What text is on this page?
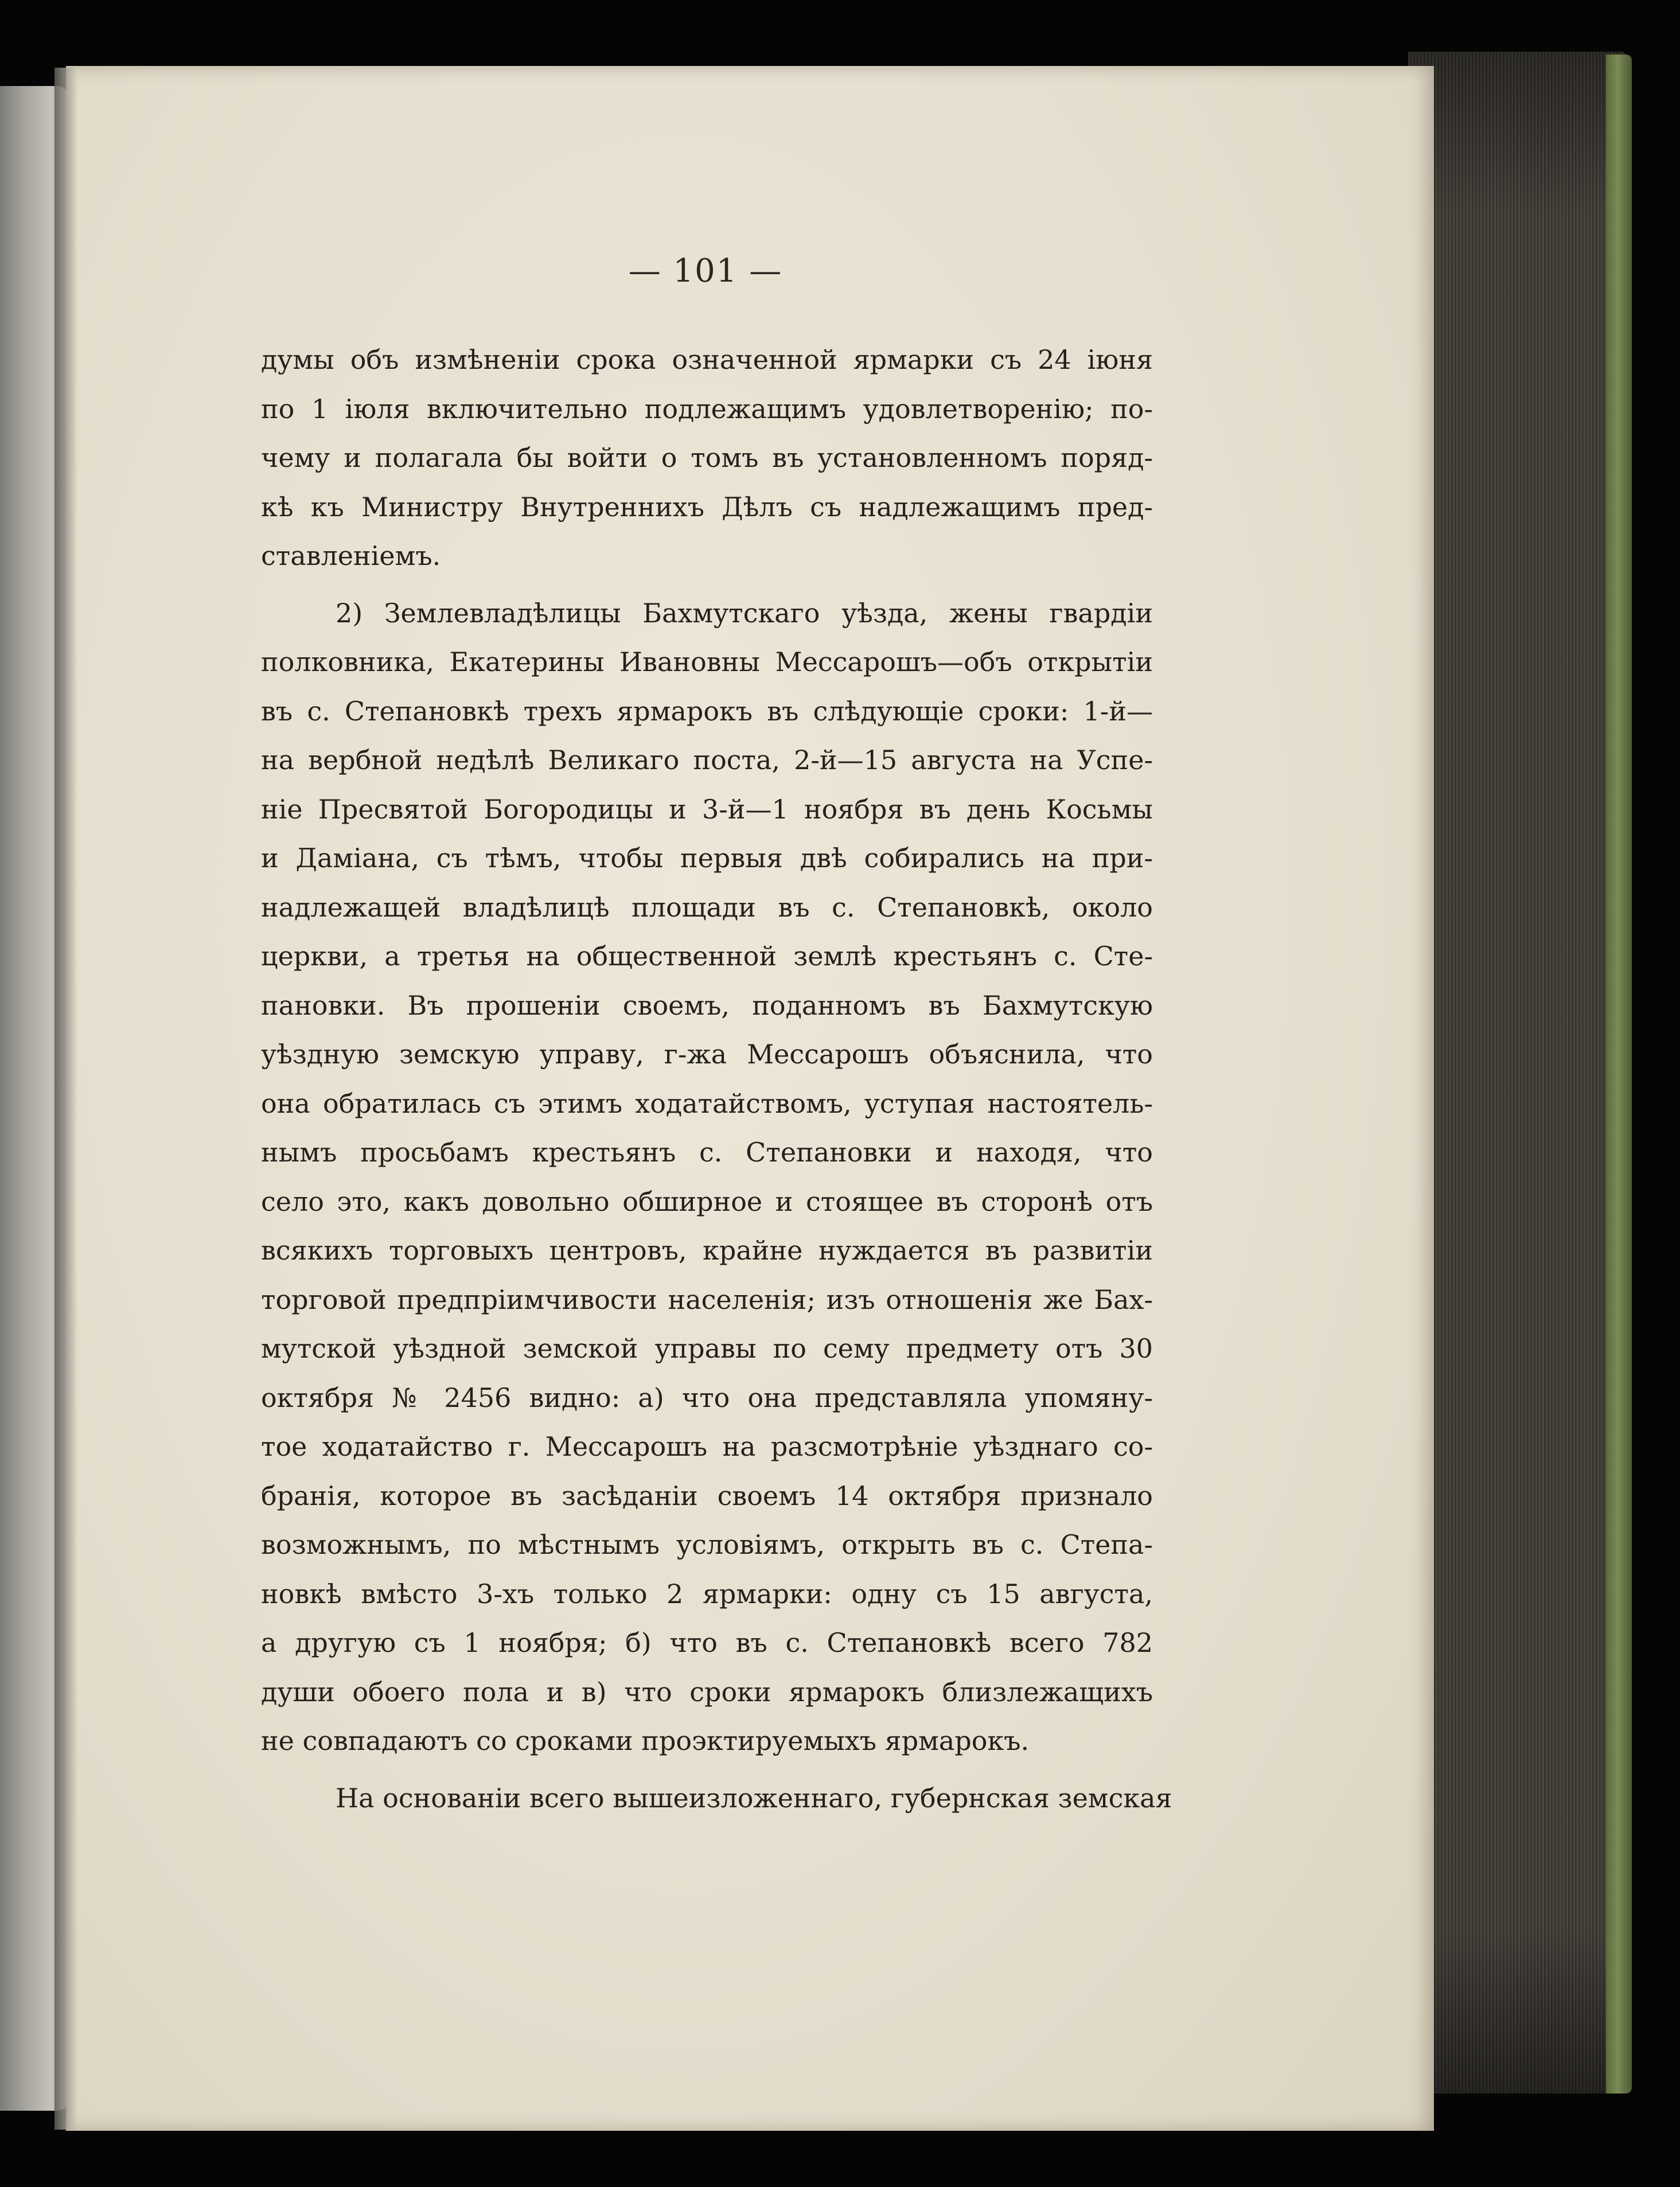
— 101 —
думы объ измѣненіи срока означенной ярмарки съ 24 іюня
по 1 іюля включительно подлежащимъ удовлетворенію; по-
чему и полагала бы войти о томъ въ установленномъ поряд-
кѣ къ Министру Внутреннихъ Дѣлъ съ надлежащимъ пред-
ставленіемъ.
2) Землевладѣлицы Бахмутскаго уѣзда, жены гвардіи
полковника, Екатерины Ивановны Мессарошъ—объ открытіи
въ с. Степановкѣ трехъ ярмарокъ въ слѣдующіе сроки: 1-й—
на вербной недѣлѣ Великаго поста, 2-й—15 августа на Успе-
ніе Пресвятой Богородицы и 3-й—1 ноября въ день Косьмы
и Даміана, съ тѣмъ, чтобы первыя двѣ собирались на при-
надлежащей владѣлицѣ площади въ с. Степановкѣ, около
церкви, а третья на общественной землѣ крестьянъ с. Сте-
пановки. Въ прошеніи своемъ, поданномъ въ Бахмутскую
уѣздную земскую управу, г-жа Мессарошъ объяснила, что
она обратилась съ этимъ ходатайствомъ, уступая настоятель-
нымъ просьбамъ крестьянъ с. Степановки и находя, что
село это, какъ довольно обширное и стоящее въ сторонѣ отъ
всякихъ торговыхъ центровъ, крайне нуждается въ развитіи
торговой предпріимчивости населенія; изъ отношенія же Бах-
мутской уѣздной земской управы по сему предмету отъ 30
октября № 2456 видно: а) что она представляла упомяну-
тое ходатайство г. Мессарошъ на разсмотрѣніе уѣзднаго со-
бранія, которое въ засѣданіи своемъ 14 октября признало
возможнымъ, по мѣстнымъ условіямъ, открыть въ с. Степа-
новкѣ вмѣсто 3-хъ только 2 ярмарки: одну съ 15 августа,
а другую съ 1 ноября; б) что въ с. Степановкѣ всего 782
души обоего пола и в) что сроки ярмарокъ близлежащихъ
не совпадаютъ со сроками проэктируемыхъ ярмарокъ.
На основаніи всего вышеизложеннаго, губернская земская
